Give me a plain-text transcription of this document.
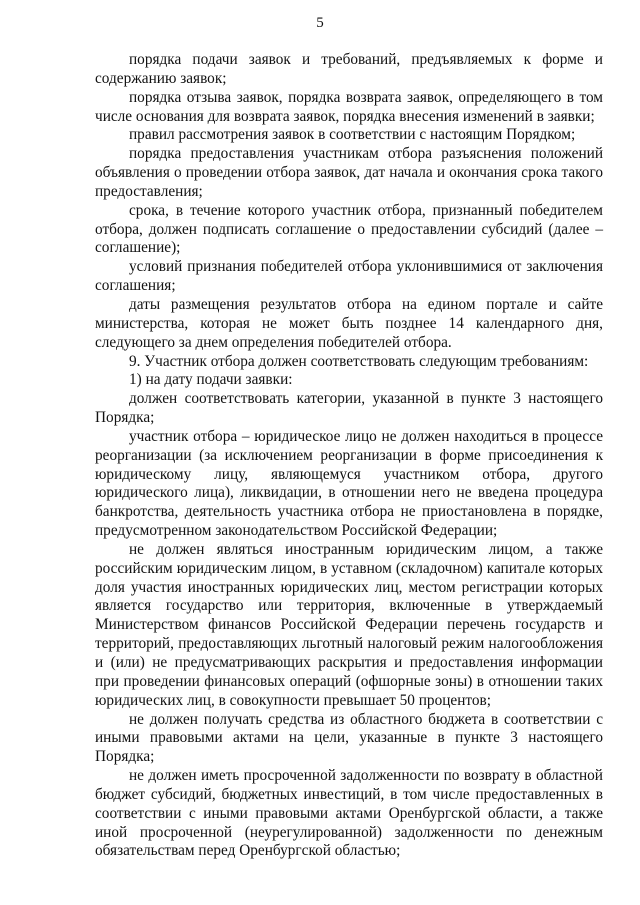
5

порядка подачи заявок и требований, предъявляемых к форме и содержанию заявок;

порядка отзыва заявок, порядка возврата заявок, определяющего в том числе основания для возврата заявок, порядка внесения изменений в заявки;

правил рассмотрения заявок в соответствии с настоящим Порядком;

порядка предоставления участникам отбора разъяснения положений объявления о проведении отбора заявок, дат начала и окончания срока такого предоставления;

срока, в течение которого участник отбора, признанный победителем отбора, должен подписать соглашение о предоставлении субсидий (далее – соглашение);

условий признания победителей отбора уклонившимися от заключения соглашения;

даты размещения результатов отбора на едином портале и сайте министерства, которая не может быть позднее 14 календарного дня, следующего за днем определения победителей отбора.

9. Участник отбора должен соответствовать следующим требованиям:

1) на дату подачи заявки:

должен соответствовать категории, указанной в пункте 3 настоящего Порядка;

участник отбора – юридическое лицо не должен находиться в процессе реорганизации (за исключением реорганизации в форме присоединения к юридическому лицу, являющемуся участником отбора, другого юридического лица), ликвидации, в отношении него не введена процедура банкротства, деятельность участника отбора не приостановлена в порядке, предусмотренном законодательством Российской Федерации;

не должен являться иностранным юридическим лицом, а также российским юридическим лицом, в уставном (складочном) капитале которых доля участия иностранных юридических лиц, местом регистрации которых является государство или территория, включенные в утверждаемый Министерством финансов Российской Федерации перечень государств и территорий, предоставляющих льготный налоговый режим налогообложения и (или) не предусматривающих раскрытия и предоставления информации при проведении финансовых операций (офшорные зоны) в отношении таких юридических лиц, в совокупности превышает 50 процентов;

не должен получать средства из областного бюджета в соответствии с иными правовыми актами на цели, указанные в пункте 3 настоящего Порядка;

не должен иметь просроченной задолженности по возврату в областной бюджет субсидий, бюджетных инвестиций, в том числе предоставленных в соответствии с иными правовыми актами Оренбургской области, а также иной просроченной (неурегулированной) задолженности по денежным обязательствам перед Оренбургской областью;
